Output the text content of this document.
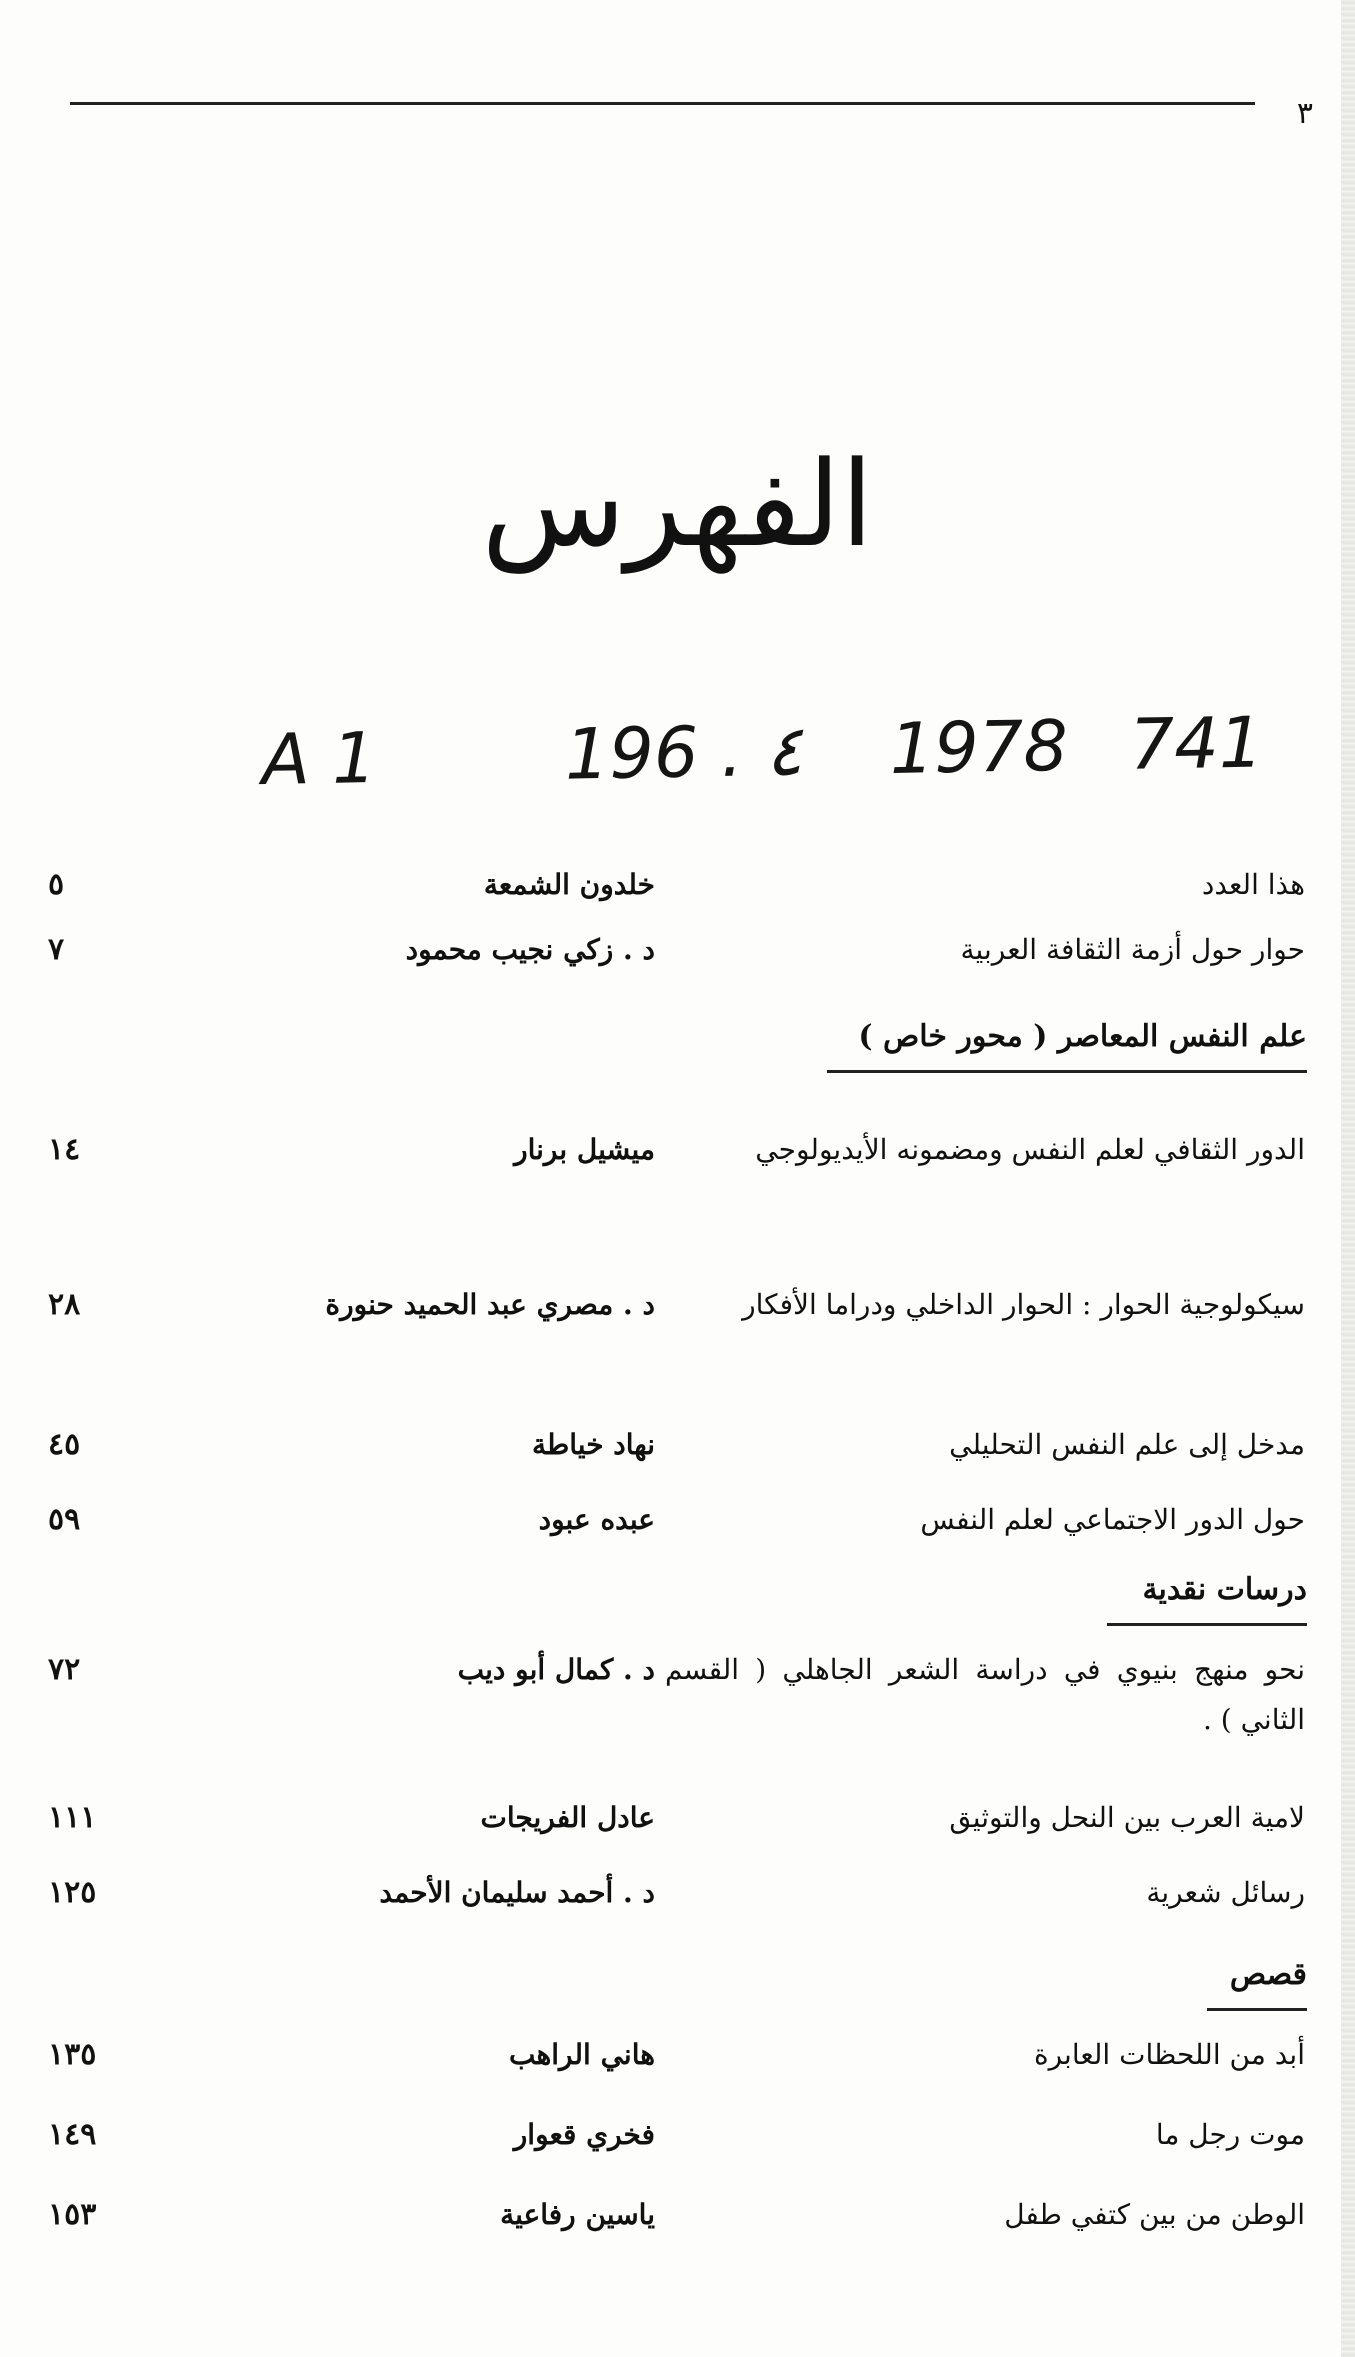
٣
الفهرس
A 1	196 . ٤ 1978 741
هذا العدد
خلدون الشمعة
٥
حوار حول أزمة الثقافة العربية
د . زكي نجيب محمود
٧
علم النفس المعاصر ( محور خاص )
الدور الثقافي لعلم النفس ومضمونه الأيديولوجي
ميشيل برنار
١٤
سيكولوجية الحوار : الحوار الداخلي ودراما الأفكار
د . مصري عبد الحميد حنورة
٢٨
مدخل إلى علم النفس التحليلي
نهاد خياطة
٤٥
حول الدور الاجتماعي لعلم النفس
عبده عبود
٥٩
درسات نقدية
نحو منهج بنيوي في دراسة الشعر الجاهلي ( القسم الثاني ) .
د . كمال أبو ديب
٧٢
لامية العرب بين النحل والتوثيق
عادل الفريجات
١١١
رسائل شعرية
د . أحمد سليمان الأحمد
١٢٥
قصص
أبد من اللحظات العابرة
هاني الراهب
١٣٥
موت رجل ما
فخري قعوار
١٤٩
الوطن من بين كتفي طفل
ياسين رفاعية
١٥٣
